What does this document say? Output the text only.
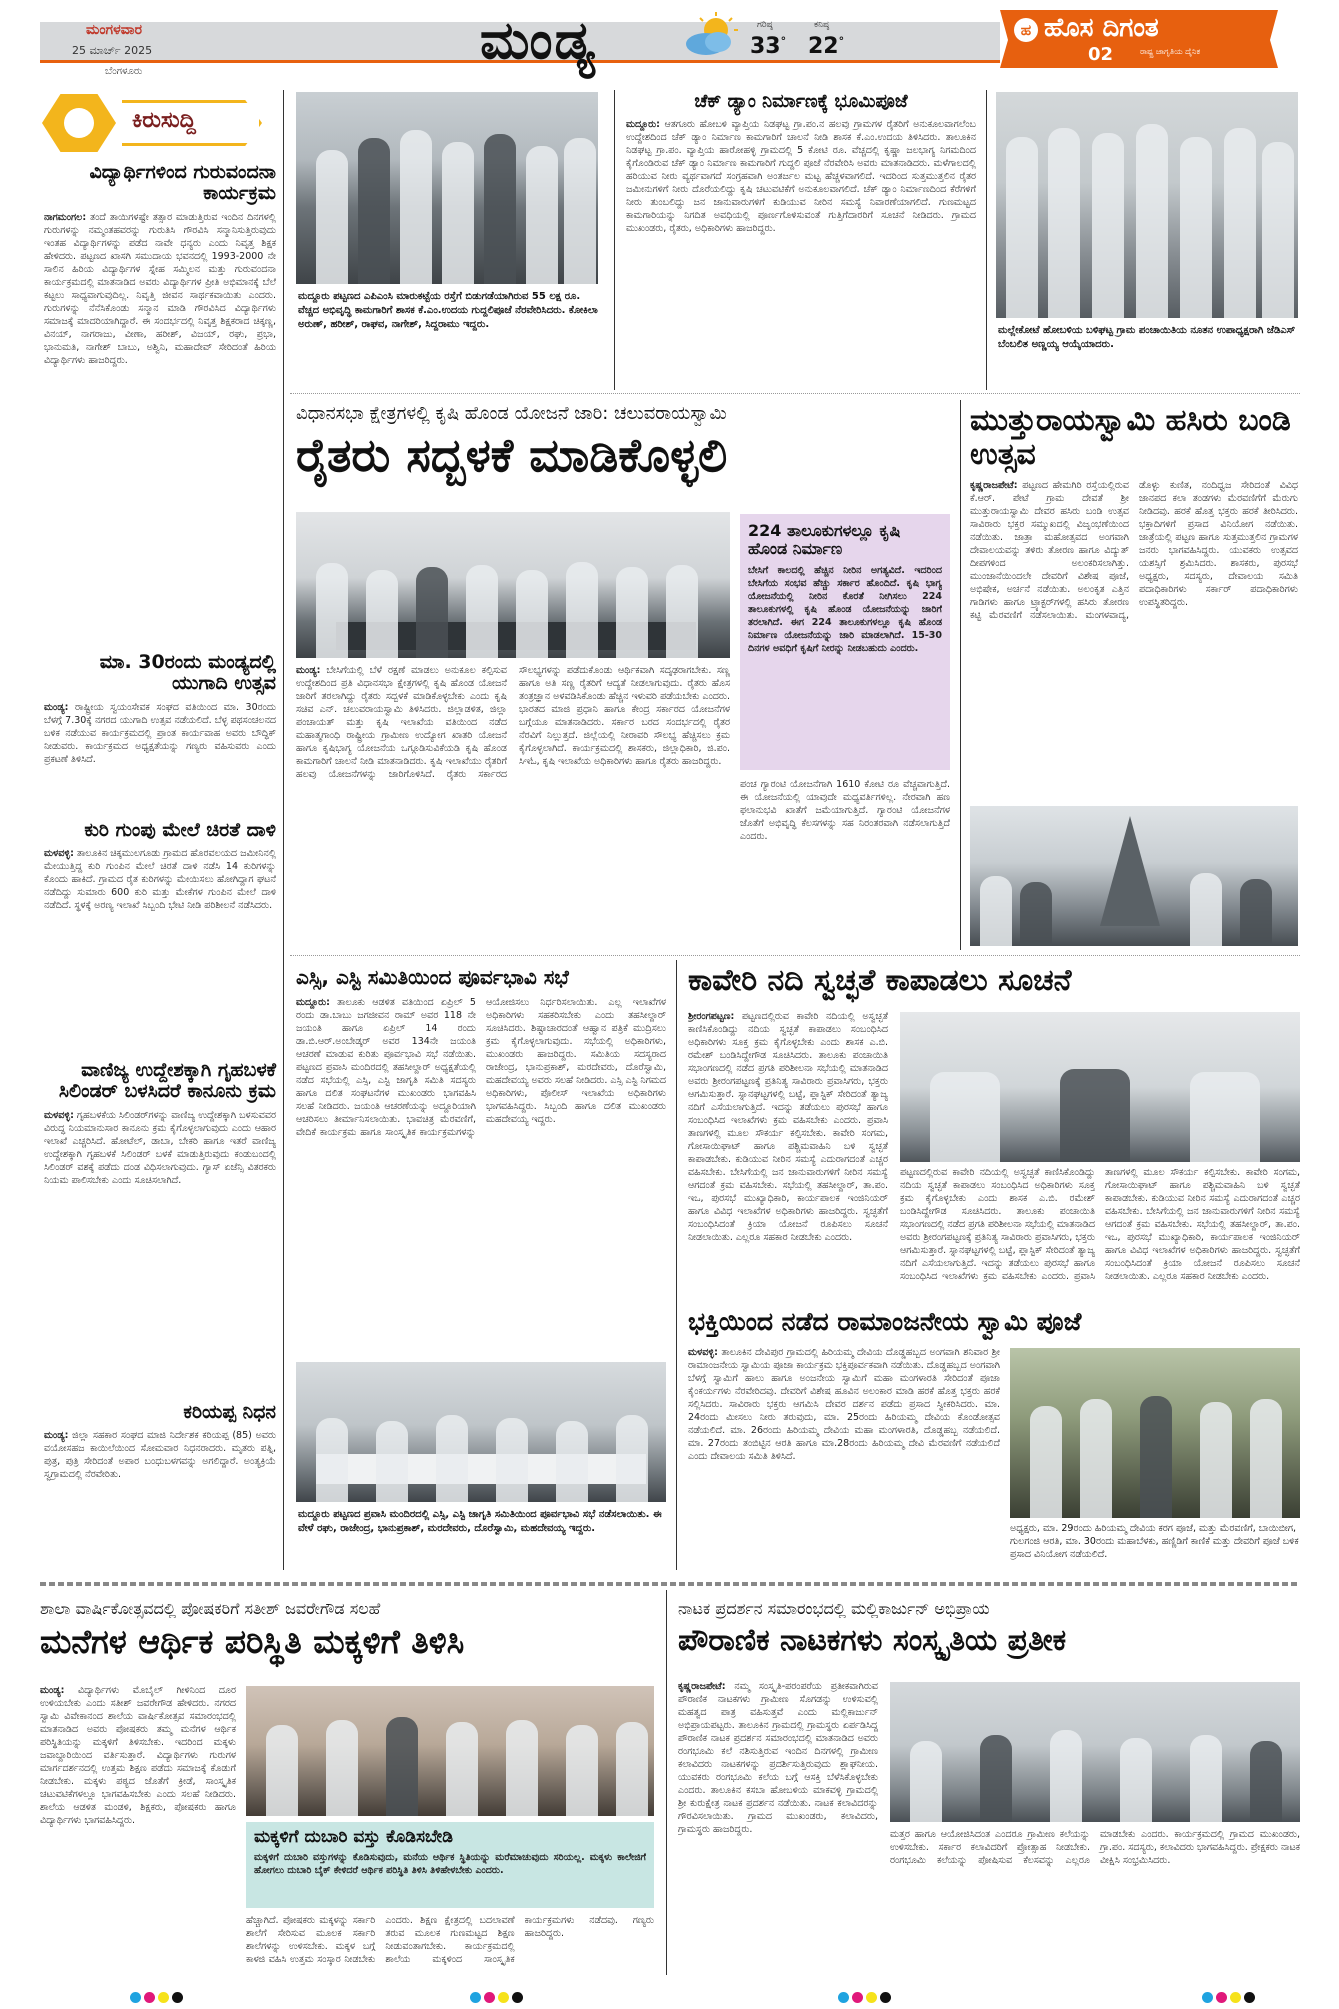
ಮಂಗಳವಾರ
25 ಮಾರ್ಚ್ 2025
ಬೆಂಗಳೂರು
ಮಂಡ್ಯ	ಗರಿಷ್ಠ
33°
ಕನಿಷ್ಠ
22°
ಹ ಹೊಸ ದಿಗಂತ
ರಾಷ್ಟ್ರ ಜಾಗೃತಿಯ ದೈನಿಕ
02
ಕಿರುಸುದ್ದಿ
ವಿದ್ಯಾರ್ಥಿಗಳಿಂದ ಗುರುವಂದನಾ ಕಾರ್ಯಕ್ರಮ
ನಾಗಮಂಗಲ: ತಂದೆ ತಾಯಿಗಳಷ್ಟೇ ತತ್ಸಾರ ಮಾಡುತ್ತಿರುವ ಇಂದಿನ ದಿನಗಳಲ್ಲಿ ಗುರುಗಳನ್ನು ನಮ್ಮಂತಹವರನ್ನು ಗುರುತಿಸಿ ಗೌರವಿಸಿ ಸನ್ಮಾನಿಸುತ್ತಿರುವುದು ಇಂತಹ ವಿದ್ಯಾರ್ಥಿಗಳನ್ನು ಪಡೆದ ನಾವೇ ಧನ್ಯರು ಎಂದು ನಿವೃತ್ತ ಶಿಕ್ಷಕ ಹೇಳಿದರು. ಪಟ್ಟಣದ ಖಾಸಗಿ ಸಮುದಾಯ ಭವನದಲ್ಲಿ 1993-2000 ನೇ ಸಾಲಿನ ಹಿರಿಯ ವಿದ್ಯಾರ್ಥಿಗಳ ಸ್ನೇಹ ಸಮ್ಮಿಲನ ಮತ್ತು ಗುರುವಂದನಾ ಕಾರ್ಯಕ್ರಮದಲ್ಲಿ ಮಾತನಾಡಿದ ಅವರು ವಿದ್ಯಾರ್ಥಿಗಳ ಪ್ರೀತಿ ಅಭಿಮಾನಕ್ಕೆ ಬೆಲೆ ಕಟ್ಟಲು ಸಾಧ್ಯವಾಗುವುದಿಲ್ಲ. ನಿವೃತ್ತಿ ಜೀವನ ಸಾರ್ಥಕವಾಯಿತು ಎಂದರು. ಗುರುಗಳನ್ನು ನೆನೆಸಿಕೊಂಡು ಸನ್ಮಾನ ಮಾಡಿ ಗೌರವಿಸಿದ ವಿದ್ಯಾರ್ಥಿಗಳು ಸಮಾಜಕ್ಕೆ ಮಾದರಿಯಾಗಿದ್ದಾರೆ. ಈ ಸಂದರ್ಭದಲ್ಲಿ ನಿವೃತ್ತ ಶಿಕ್ಷಕರಾದ ಚಿಕ್ಕಣ್ಣ, ವಿನಯ್, ನಾಗರಾಜು, ವೀಣಾ, ಹರೀಶ್, ವಿಜಯ್, ರಘು, ಪ್ರಭಾ, ಭಾನುಮತಿ, ನಾಗೇಶ್ ಬಾಬು, ಅಶ್ವಿನಿ, ಮಹಾದೇವ್ ಸೇರಿದಂತೆ ಹಿರಿಯ ವಿದ್ಯಾರ್ಥಿಗಳು ಹಾಜರಿದ್ದರು.
ಮಾ. 30ರಂದು ಮಂಡ್ಯದಲ್ಲಿ ಯುಗಾದಿ ಉತ್ಸವ
ಮಂಡ್ಯ: ರಾಷ್ಟ್ರೀಯ ಸ್ವಯಂಸೇವಕ ಸಂಘದ ವತಿಯಿಂದ ಮಾ. 30ರಂದು ಬೆಳಗ್ಗೆ 7.30ಕ್ಕೆ ನಗರದ ಯುಗಾದಿ ಉತ್ಸವ ನಡೆಯಲಿದೆ. ಬೆಳ್ಳ ಪಥಸಂಚಲನದ ಬಳಿಕ ನಡೆಯುವ ಕಾರ್ಯಕ್ರಮದಲ್ಲಿ ಪ್ರಾಂತ ಕಾರ್ಯವಾಹ ಅವರು ಬೌದ್ಧಿಕ್ ನೀಡುವರು. ಕಾರ್ಯಕ್ರಮದ ಅಧ್ಯಕ್ಷತೆಯನ್ನು ಗಣ್ಯರು ವಹಿಸುವರು ಎಂದು ಪ್ರಕಟಣೆ ತಿಳಿಸಿದೆ.
ಕುರಿ ಗುಂಪು ಮೇಲೆ ಚಿರತೆ ದಾಳಿ
ಮಳವಳ್ಳಿ: ತಾಲೂಕಿನ ಚಿಕ್ಕಮುಲಗೂಡು ಗ್ರಾಮದ ಹೊರವಲಯದ ಜಮೀನಿನಲ್ಲಿ ಮೇಯುತ್ತಿದ್ದ ಕುರಿ ಗುಂಪಿನ ಮೇಲೆ ಚಿರತೆ ದಾಳಿ ನಡೆಸಿ 14 ಕುರಿಗಳನ್ನು ಕೊಂದು ಹಾಕಿದೆ. ಗ್ರಾಮದ ರೈತ ಕುರಿಗಳನ್ನು ಮೇಯಿಸಲು ಹೋಗಿದ್ದಾಗ ಘಟನೆ ನಡೆದಿದ್ದು ಸುಮಾರು 600 ಕುರಿ ಮತ್ತು ಮೇಕೆಗಳ ಗುಂಪಿನ ಮೇಲೆ ದಾಳಿ ನಡೆದಿದೆ. ಸ್ಥಳಕ್ಕೆ ಅರಣ್ಯ ಇಲಾಖೆ ಸಿಬ್ಬಂದಿ ಭೇಟಿ ನೀಡಿ ಪರಿಶೀಲನೆ ನಡೆಸಿದರು.
ವಾಣಿಜ್ಯ ಉದ್ದೇಶಕ್ಕಾಗಿ ಗೃಹಬಳಕೆ ಸಿಲಿಂಡರ್ ಬಳಸಿದರೆ ಕಾನೂನು ಕ್ರಮ
ಮಳವಳ್ಳಿ: ಗೃಹಬಳಕೆಯ ಸಿಲಿಂಡರ್‌ಗಳನ್ನು ವಾಣಿಜ್ಯ ಉದ್ದೇಶಕ್ಕಾಗಿ ಬಳಸುವವರ ವಿರುದ್ಧ ನಿಯಮಾನುಸಾರ ಕಾನೂನು ಕ್ರಮ ಕೈಗೊಳ್ಳಲಾಗುವುದು ಎಂದು ಆಹಾರ ಇಲಾಖೆ ಎಚ್ಚರಿಸಿದೆ. ಹೋಟೆಲ್, ಡಾಬಾ, ಬೇಕರಿ ಹಾಗೂ ಇತರೆ ವಾಣಿಜ್ಯ ಉದ್ದೇಶಕ್ಕಾಗಿ ಗೃಹಬಳಕೆ ಸಿಲಿಂಡರ್ ಬಳಕೆ ಮಾಡುತ್ತಿರುವುದು ಕಂಡುಬಂದಲ್ಲಿ ಸಿಲಿಂಡರ್ ವಶಕ್ಕೆ ಪಡೆದು ದಂಡ ವಿಧಿಸಲಾಗುವುದು. ಗ್ಯಾಸ್ ಏಜೆನ್ಸಿ ವಿತರಕರು ನಿಯಮ ಪಾಲಿಸಬೇಕು ಎಂದು ಸೂಚಿಸಲಾಗಿದೆ.
ಕರಿಯಪ್ಪ ನಿಧನ
ಮಂಡ್ಯ: ಜಿಲ್ಲಾ ಸಹಕಾರ ಸಂಘದ ಮಾಜಿ ನಿರ್ದೇಶಕ ಕರಿಯಪ್ಪ (85) ಅವರು ವಯೋಸಹಜ ಕಾಯಿಲೆಯಿಂದ ಸೋಮವಾರ ನಿಧನರಾದರು. ಮೃತರು ಪತ್ನಿ, ಪುತ್ರ, ಪುತ್ರಿ ಸೇರಿದಂತೆ ಅಪಾರ ಬಂಧುಬಳಗವನ್ನು ಅಗಲಿದ್ದಾರೆ. ಅಂತ್ಯಕ್ರಿಯೆ ಸ್ವಗ್ರಾಮದಲ್ಲಿ ನೆರವೇರಿತು.
ಮದ್ದೂರು ಪಟ್ಟಣದ ಎಪಿಎಂಸಿ ಮಾರುಕಟ್ಟೆಯ ರಸ್ತೆಗೆ ಬಿಡುಗಡೆಯಾಗಿರುವ 55 ಲಕ್ಷ ರೂ. ವೆಚ್ಚದ ಅಭಿವೃದ್ಧಿ ಕಾಮಗಾರಿಗೆ ಶಾಸಕ ಕೆ.ಎಂ.ಉದಯ ಗುದ್ದಲಿಪೂಜೆ ನೆರವೇರಿಸಿದರು. ಕೋಕಿಲಾ ಅರುಣ್, ಹರೀಶ್, ರಾಘವ, ನಾಗೇಶ್, ಸಿದ್ದರಾಮು ಇದ್ದರು.
ಚೆಕ್ ಡ್ಯಾಂ ನಿರ್ಮಾಣಕ್ಕೆ ಭೂಮಿಪೂಜೆ
ಮದ್ದೂರು: ಆತಗೂರು ಹೋಬಳಿ ವ್ಯಾಪ್ತಿಯ ನಿಡಘಟ್ಟ ಗ್ರಾ.ಪಂ.ನ ಹಲವು ಗ್ರಾಮಗಳ ರೈತರಿಗೆ ಅನುಕೂಲವಾಗಲೆಂಬ ಉದ್ದೇಶದಿಂದ ಚೆಕ್ ಡ್ಯಾಂ ನಿರ್ಮಾಣ ಕಾಮಗಾರಿಗೆ ಚಾಲನೆ ನೀಡಿ ಶಾಸಕ ಕೆ.ಎಂ.ಉದಯ ತಿಳಿಸಿದರು. ತಾಲೂಕಿನ ನಿಡಘಟ್ಟ ಗ್ರಾ.ಪಂ. ವ್ಯಾಪ್ತಿಯ ಹಾರೋಹಳ್ಳಿ ಗ್ರಾಮದಲ್ಲಿ 5 ಕೋಟಿ ರೂ. ವೆಚ್ಚದಲ್ಲಿ ಕೃಷ್ಣಾ ಜಲಭಾಗ್ಯ ನಿಗಮದಿಂದ ಕೈಗೊಂಡಿರುವ ಚೆಕ್ ಡ್ಯಾಂ ನಿರ್ಮಾಣ ಕಾಮಗಾರಿಗೆ ಗುದ್ದಲಿ ಪೂಜೆ ನೆರವೇರಿಸಿ ಅವರು ಮಾತನಾಡಿದರು. ಮಳೆಗಾಲದಲ್ಲಿ ಹರಿಯುವ ನೀರು ವ್ಯರ್ಥವಾಗದೆ ಸಂಗ್ರಹವಾಗಿ ಅಂತರ್ಜಲ ಮಟ್ಟ ಹೆಚ್ಚಳವಾಗಲಿದೆ. ಇದರಿಂದ ಸುತ್ತಮುತ್ತಲಿನ ರೈತರ ಜಮೀನುಗಳಿಗೆ ನೀರು ದೊರೆಯಲಿದ್ದು ಕೃಷಿ ಚಟುವಟಿಕೆಗೆ ಅನುಕೂಲವಾಗಲಿದೆ. ಚೆಕ್ ಡ್ಯಾಂ ನಿರ್ಮಾಣದಿಂದ ಕೆರೆಗಳಿಗೆ ನೀರು ತುಂಬಲಿದ್ದು ಜನ ಜಾನುವಾರುಗಳಿಗೆ ಕುಡಿಯುವ ನೀರಿನ ಸಮಸ್ಯೆ ನಿವಾರಣೆಯಾಗಲಿದೆ. ಗುಣಮಟ್ಟದ ಕಾಮಗಾರಿಯನ್ನು ನಿಗದಿತ ಅವಧಿಯಲ್ಲಿ ಪೂರ್ಣಗೊಳಿಸುವಂತೆ ಗುತ್ತಿಗೆದಾರರಿಗೆ ಸೂಚನೆ ನೀಡಿದರು. ಗ್ರಾಮದ ಮುಖಂಡರು, ರೈತರು, ಅಧಿಕಾರಿಗಳು ಹಾಜರಿದ್ದರು.
ಮಲ್ಲೇಕೋಟೆ ಹೋಬಳಿಯ ಬಳಿಘಟ್ಟ ಗ್ರಾಮ ಪಂಚಾಯಿತಿಯ ನೂತನ ಉಪಾಧ್ಯಕ್ಷರಾಗಿ ಜೆಡಿಎಸ್ ಬೆಂಬಲಿತ ಅಣ್ಣಯ್ಯ ಆಯ್ಕೆಯಾದರು.
ವಿಧಾನಸಭಾ ಕ್ಷೇತ್ರಗಳಲ್ಲಿ ಕೃಷಿ ಹೊಂಡ ಯೋಜನೆ ಜಾರಿ: ಚಲುವರಾಯಸ್ವಾಮಿ
ರೈತರು ಸದ್ಬಳಕೆ ಮಾಡಿಕೊಳ್ಳಲಿ
224 ತಾಲೂಕುಗಳಲ್ಲೂ ಕೃಷಿ ಹೊಂಡ ನಿರ್ಮಾಣ
ಬೇಸಿಗೆ ಕಾಲದಲ್ಲಿ ಹೆಚ್ಚಿನ ನೀರಿನ ಅಗತ್ಯವಿದೆ. ಇದರಿಂದ ಬೇಸಿಗೆಯ ಸಂಭವ ಹೆಚ್ಚು ಸರ್ಕಾರ ಹೊಂದಿದೆ. ಕೃಷಿ ಭಾಗ್ಯ ಯೋಜನೆಯಲ್ಲಿ ನೀರಿನ ಕೊರತೆ ನೀಗಿಸಲು 224 ತಾಲೂಕುಗಳಲ್ಲಿ ಕೃಷಿ ಹೊಂಡ ಯೋಜನೆಯನ್ನು ಜಾರಿಗೆ ತರಲಾಗಿದೆ. ಈಗ 224 ತಾಲೂಕುಗಳಲ್ಲೂ ಕೃಷಿ ಹೊಂಡ ನಿರ್ಮಾಣ ಯೋಜನೆಯನ್ನು ಜಾರಿ ಮಾಡಲಾಗಿದೆ. 15-30 ದಿನಗಳ ಅವಧಿಗೆ ಕೃಷಿಗೆ ನೀರನ್ನು ನೀಡಬಹುದು ಎಂದರು.
ಮಂಡ್ಯ: ಬೇಸಿಗೆಯಲ್ಲಿ ಬೆಳೆ ರಕ್ಷಣೆ ಮಾಡಲು ಅನುಕೂಲ ಕಲ್ಪಿಸುವ ಉದ್ದೇಶದಿಂದ ಪ್ರತಿ ವಿಧಾನಸಭಾ ಕ್ಷೇತ್ರಗಳಲ್ಲಿ ಕೃಷಿ ಹೊಂಡ ಯೋಜನೆ ಜಾರಿಗೆ ತರಲಾಗಿದ್ದು ರೈತರು ಸದ್ಬಳಕೆ ಮಾಡಿಕೊಳ್ಳಬೇಕು ಎಂದು ಕೃಷಿ ಸಚಿವ ಎನ್. ಚಲುವರಾಯಸ್ವಾಮಿ ತಿಳಿಸಿದರು. ಜಿಲ್ಲಾಡಳಿತ, ಜಿಲ್ಲಾ ಪಂಚಾಯತ್ ಮತ್ತು ಕೃಷಿ ಇಲಾಖೆಯ ವತಿಯಿಂದ ನಡೆದ ಮಹಾತ್ಮಗಾಂಧಿ ರಾಷ್ಟ್ರೀಯ ಗ್ರಾಮೀಣ ಉದ್ಯೋಗ ಖಾತರಿ ಯೋಜನೆ ಹಾಗೂ ಕೃಷಿಭಾಗ್ಯ ಯೋಜನೆಯ ಒಗ್ಗೂಡಿಸುವಿಕೆಯಡಿ ಕೃಷಿ ಹೊಂಡ ಕಾಮಗಾರಿಗೆ ಚಾಲನೆ ನೀಡಿ ಮಾತನಾಡಿದರು. ಕೃಷಿ ಇಲಾಖೆಯು ರೈತರಿಗೆ ಹಲವು ಯೋಜನೆಗಳನ್ನು ಜಾರಿಗೊಳಿಸಿದೆ. ರೈತರು ಸರ್ಕಾರದ ಸೌಲಭ್ಯಗಳನ್ನು ಪಡೆದುಕೊಂಡು ಆರ್ಥಿಕವಾಗಿ ಸದೃಢರಾಗಬೇಕು. ಸಣ್ಣ ಹಾಗೂ ಅತಿ ಸಣ್ಣ ರೈತರಿಗೆ ಆದ್ಯತೆ ನೀಡಲಾಗುವುದು. ರೈತರು ಹೊಸ ತಂತ್ರಜ್ಞಾನ ಅಳವಡಿಸಿಕೊಂಡು ಹೆಚ್ಚಿನ ಇಳುವರಿ ಪಡೆಯಬೇಕು ಎಂದರು. ಭಾರತದ ಮಾಜಿ ಪ್ರಧಾನಿ ಹಾಗೂ ಕೇಂದ್ರ ಸರ್ಕಾರದ ಯೋಜನೆಗಳ ಬಗ್ಗೆಯೂ ಮಾತನಾಡಿದರು. ಸರ್ಕಾರ ಬರದ ಸಂದರ್ಭದಲ್ಲಿ ರೈತರ ನೆರವಿಗೆ ನಿಲ್ಲುತ್ತದೆ. ಜಿಲ್ಲೆಯಲ್ಲಿ ನೀರಾವರಿ ಸೌಲಭ್ಯ ಹೆಚ್ಚಿಸಲು ಕ್ರಮ ಕೈಗೊಳ್ಳಲಾಗಿದೆ. ಕಾರ್ಯಕ್ರಮದಲ್ಲಿ ಶಾಸಕರು, ಜಿಲ್ಲಾಧಿಕಾರಿ, ಜಿ.ಪಂ. ಸಿಇಓ, ಕೃಷಿ ಇಲಾಖೆಯ ಅಧಿಕಾರಿಗಳು ಹಾಗೂ ರೈತರು ಹಾಜರಿದ್ದರು.
ಪಂಚ ಗ್ಯಾರಂಟಿ ಯೋಜನೆಗಾಗಿ 1610 ಕೋಟಿ ರೂ ವೆಚ್ಚವಾಗುತ್ತಿದೆ. ಈ ಯೋಜನೆಯಲ್ಲಿ ಯಾವುದೇ ಮಧ್ಯವರ್ತಿಗಳಿಲ್ಲ. ನೇರವಾಗಿ ಹಣ ಫಲಾನುಭವಿ ಖಾತೆಗೆ ಜಮೆಯಾಗುತ್ತಿದೆ. ಗ್ಯಾರಂಟಿ ಯೋಜನೆಗಳ ಜೊತೆಗೆ ಅಭಿವೃದ್ಧಿ ಕೆಲಸಗಳನ್ನು ಸಹ ನಿರಂತರವಾಗಿ ನಡೆಸಲಾಗುತ್ತಿದೆ ಎಂದರು.
ಮುತ್ತುರಾಯಸ್ವಾಮಿ ಹಸಿರು ಬಂಡಿ ಉತ್ಸವ
ಕೃಷ್ಣರಾಜಪೇಟೆ: ಪಟ್ಟಣದ ಹೇಮಗಿರಿ ರಸ್ತೆಯಲ್ಲಿರುವ ಕೆ.ಆರ್. ಪೇಟೆ ಗ್ರಾಮ ದೇವತೆ ಶ್ರೀ ಮುತ್ತುರಾಯಸ್ವಾಮಿ ದೇವರ ಹಸಿರು ಬಂಡಿ ಉತ್ಸವ ಸಾವಿರಾರು ಭಕ್ತರ ಸಮ್ಮುಖದಲ್ಲಿ ವಿಜೃಂಭಣೆಯಿಂದ ನಡೆಯಿತು. ಜಾತ್ರಾ ಮಹೋತ್ಸವದ ಅಂಗವಾಗಿ ದೇವಾಲಯವನ್ನು ತಳಿರು ತೋರಣ ಹಾಗೂ ವಿದ್ಯುತ್ ದೀಪಗಳಿಂದ ಅಲಂಕರಿಸಲಾಗಿತ್ತು. ಮುಂಜಾನೆಯಿಂದಲೇ ದೇವರಿಗೆ ವಿಶೇಷ ಪೂಜೆ, ಅಭಿಷೇಕ, ಅರ್ಚನೆ ನಡೆಯಿತು. ಅಲಂಕೃತ ಎತ್ತಿನ ಗಾಡಿಗಳು ಹಾಗೂ ಟ್ರ್ಯಾಕ್ಟರ್‌ಗಳಲ್ಲಿ ಹಸಿರು ತೋರಣ ಕಟ್ಟಿ ಮೆರವಣಿಗೆ ನಡೆಸಲಾಯಿತು. ಮಂಗಳವಾದ್ಯ, ಡೊಳ್ಳು ಕುಣಿತ, ನಂದಿಧ್ವಜ ಸೇರಿದಂತೆ ವಿವಿಧ ಜಾನಪದ ಕಲಾ ತಂಡಗಳು ಮೆರವಣಿಗೆಗೆ ಮೆರುಗು ನೀಡಿದವು. ಹರಕೆ ಹೊತ್ತ ಭಕ್ತರು ಹರಕೆ ತೀರಿಸಿದರು. ಭಕ್ತಾದಿಗಳಿಗೆ ಪ್ರಸಾದ ವಿನಿಯೋಗ ನಡೆಯಿತು. ಜಾತ್ರೆಯಲ್ಲಿ ಪಟ್ಟಣ ಹಾಗೂ ಸುತ್ತಮುತ್ತಲಿನ ಗ್ರಾಮಗಳ ಜನರು ಭಾಗವಹಿಸಿದ್ದರು. ಯುವಕರು ಉತ್ಸವದ ಯಶಸ್ಸಿಗೆ ಶ್ರಮಿಸಿದರು. ಶಾಸಕರು, ಪುರಸಭೆ ಅಧ್ಯಕ್ಷರು, ಸದಸ್ಯರು, ದೇವಾಲಯ ಸಮಿತಿ ಪದಾಧಿಕಾರಿಗಳು ಸರ್ಕಾರ್ ಪದಾಧಿಕಾರಿಗಳು ಉಪಸ್ಥಿತರಿದ್ದರು.
ಎಸ್ಸಿ, ಎಸ್ಟಿ ಸಮಿತಿಯಿಂದ ಪೂರ್ವಭಾವಿ ಸಭೆ
ಮದ್ದೂರು: ತಾಲೂಕು ಆಡಳಿತ ವತಿಯಿಂದ ಏಪ್ರಿಲ್ 5 ರಂದು ಡಾ.ಬಾಬು ಜಗಜೀವನ ರಾಮ್ ಅವರ 118 ನೇ ಜಯಂತಿ ಹಾಗೂ ಏಪ್ರಿಲ್ 14 ರಂದು ಡಾ.ಬಿ.ಆರ್.ಅಂಬೇಡ್ಕರ್ ಅವರ 134ನೇ ಜಯಂತಿ ಆಚರಣೆ ಮಾಡುವ ಕುರಿತು ಪೂರ್ವಭಾವಿ ಸಭೆ ನಡೆಯಿತು. ಪಟ್ಟಣದ ಪ್ರವಾಸಿ ಮಂದಿರದಲ್ಲಿ ತಹಸೀಲ್ದಾರ್ ಅಧ್ಯಕ್ಷತೆಯಲ್ಲಿ ನಡೆದ ಸಭೆಯಲ್ಲಿ ಎಸ್ಸಿ, ಎಸ್ಟಿ ಜಾಗೃತಿ ಸಮಿತಿ ಸದಸ್ಯರು ಹಾಗೂ ದಲಿತ ಸಂಘಟನೆಗಳ ಮುಖಂಡರು ಭಾಗವಹಿಸಿ ಸಲಹೆ ನೀಡಿದರು. ಜಯಂತಿ ಆಚರಣೆಯನ್ನು ಅದ್ದೂರಿಯಾಗಿ ಆಚರಿಸಲು ತೀರ್ಮಾನಿಸಲಾಯಿತು. ಭಾವಚಿತ್ರ ಮೆರವಣಿಗೆ, ವೇದಿಕೆ ಕಾರ್ಯಕ್ರಮ ಹಾಗೂ ಸಾಂಸ್ಕೃತಿಕ ಕಾರ್ಯಕ್ರಮಗಳನ್ನು ಆಯೋಜಿಸಲು ನಿರ್ಧರಿಸಲಾಯಿತು. ಎಲ್ಲ ಇಲಾಖೆಗಳ ಅಧಿಕಾರಿಗಳು ಸಹಕರಿಸಬೇಕು ಎಂದು ತಹಸೀಲ್ದಾರ್ ಸೂಚಿಸಿದರು. ಶಿಷ್ಟಾಚಾರದಂತೆ ಆಹ್ವಾನ ಪತ್ರಿಕೆ ಮುದ್ರಿಸಲು ಕ್ರಮ ಕೈಗೊಳ್ಳಲಾಗುವುದು. ಸಭೆಯಲ್ಲಿ ಅಧಿಕಾರಿಗಳು, ಮುಖಂಡರು ಹಾಜರಿದ್ದರು. ಸಮಿತಿಯ ಸದಸ್ಯರಾದ ರಾಜೇಂದ್ರ, ಭಾನುಪ್ರಕಾಶ್, ಮರದೇವರು, ದೊರೆಸ್ವಾಮಿ, ಮಹದೇವಯ್ಯ ಅವರು ಸಲಹೆ ನೀಡಿದರು. ಎಸ್ಸಿ ಎಸ್ಟಿ ನಿಗಮದ ಅಧಿಕಾರಿಗಳು, ಪೊಲೀಸ್ ಇಲಾಖೆಯ ಅಧಿಕಾರಿಗಳು ಭಾಗವಹಿಸಿದ್ದರು. ಸಿಬ್ಬಂದಿ ಹಾಗೂ ದಲಿತ ಮುಖಂಡರು ಮಹದೇವಯ್ಯ ಇದ್ದರು.
ಮದ್ದೂರು ಪಟ್ಟಣದ ಪ್ರವಾಸಿ ಮಂದಿರದಲ್ಲಿ ಎಸ್ಸಿ, ಎಸ್ಟಿ ಜಾಗೃತಿ ಸಮಿತಿಯಿಂದ ಪೂರ್ವಭಾವಿ ಸಭೆ ನಡೆಸಲಾಯಿತು. ಈ ವೇಳೆ ರಘು, ರಾಜೇಂದ್ರ, ಭಾನುಪ್ರಕಾಶ್, ಮರದೇವರು, ದೊರೆಸ್ವಾಮಿ, ಮಹದೇವಯ್ಯ ಇದ್ದರು.
ಕಾವೇರಿ ನದಿ ಸ್ವಚ್ಛತೆ ಕಾಪಾಡಲು ಸೂಚನೆ
ಶ್ರೀರಂಗಪಟ್ಟಣ: ಪಟ್ಟಣದಲ್ಲಿರುವ ಕಾವೇರಿ ನದಿಯಲ್ಲಿ ಅಸ್ವಚ್ಛತೆ ಕಾಣಿಸಿಕೊಂಡಿದ್ದು ನದಿಯ ಸ್ವಚ್ಛತೆ ಕಾಪಾಡಲು ಸಂಬಂಧಿಸಿದ ಅಧಿಕಾರಿಗಳು ಸೂಕ್ತ ಕ್ರಮ ಕೈಗೊಳ್ಳಬೇಕು ಎಂದು ಶಾಸಕ ಎ.ಬಿ. ರಮೇಶ್ ಬಂಡಿಸಿದ್ದೇಗೌಡ ಸೂಚಿಸಿದರು. ತಾಲೂಕು ಪಂಚಾಯಿತಿ ಸಭಾಂಗಣದಲ್ಲಿ ನಡೆದ ಪ್ರಗತಿ ಪರಿಶೀಲನಾ ಸಭೆಯಲ್ಲಿ ಮಾತನಾಡಿದ ಅವರು ಶ್ರೀರಂಗಪಟ್ಟಣಕ್ಕೆ ಪ್ರತಿನಿತ್ಯ ಸಾವಿರಾರು ಪ್ರವಾಸಿಗರು, ಭಕ್ತರು ಆಗಮಿಸುತ್ತಾರೆ. ಸ್ನಾನಘಟ್ಟಗಳಲ್ಲಿ ಬಟ್ಟೆ, ಪ್ಲಾಸ್ಟಿಕ್ ಸೇರಿದಂತೆ ತ್ಯಾಜ್ಯ ನದಿಗೆ ಎಸೆಯಲಾಗುತ್ತಿದೆ. ಇದನ್ನು ತಡೆಯಲು ಪುರಸಭೆ ಹಾಗೂ ಸಂಬಂಧಿಸಿದ ಇಲಾಖೆಗಳು ಕ್ರಮ ವಹಿಸಬೇಕು ಎಂದರು. ಪ್ರವಾಸಿ ತಾಣಗಳಲ್ಲಿ ಮೂಲ ಸೌಕರ್ಯ ಕಲ್ಪಿಸಬೇಕು. ಕಾವೇರಿ ಸಂಗಮ, ಗೋಸಾಯಿಘಾಟ್ ಹಾಗೂ ಪಶ್ಚಿಮವಾಹಿನಿ ಬಳಿ ಸ್ವಚ್ಛತೆ ಕಾಪಾಡಬೇಕು. ಕುಡಿಯುವ ನೀರಿನ ಸಮಸ್ಯೆ ಎದುರಾಗದಂತೆ ಎಚ್ಚರ ವಹಿಸಬೇಕು. ಬೇಸಿಗೆಯಲ್ಲಿ ಜನ ಜಾನುವಾರುಗಳಿಗೆ ನೀರಿನ ಸಮಸ್ಯೆ ಆಗದಂತೆ ಕ್ರಮ ವಹಿಸಬೇಕು. ಸಭೆಯಲ್ಲಿ ತಹಸೀಲ್ದಾರ್, ತಾ.ಪಂ. ಇಒ, ಪುರಸಭೆ ಮುಖ್ಯಾಧಿಕಾರಿ, ಕಾರ್ಯಪಾಲಕ ಇಂಜಿನಿಯರ್ ಹಾಗೂ ವಿವಿಧ ಇಲಾಖೆಗಳ ಅಧಿಕಾರಿಗಳು ಹಾಜರಿದ್ದರು. ಸ್ವಚ್ಛತೆಗೆ ಸಂಬಂಧಿಸಿದಂತೆ ಕ್ರಿಯಾ ಯೋಜನೆ ರೂಪಿಸಲು ಸೂಚನೆ ನೀಡಲಾಯಿತು. ಎಲ್ಲರೂ ಸಹಕಾರ ನೀಡಬೇಕು ಎಂದರು.
ಪಟ್ಟಣದಲ್ಲಿರುವ ಕಾವೇರಿ ನದಿಯಲ್ಲಿ ಅಸ್ವಚ್ಛತೆ ಕಾಣಿಸಿಕೊಂಡಿದ್ದು ನದಿಯ ಸ್ವಚ್ಛತೆ ಕಾಪಾಡಲು ಸಂಬಂಧಿಸಿದ ಅಧಿಕಾರಿಗಳು ಸೂಕ್ತ ಕ್ರಮ ಕೈಗೊಳ್ಳಬೇಕು ಎಂದು ಶಾಸಕ ಎ.ಬಿ. ರಮೇಶ್ ಬಂಡಿಸಿದ್ದೇಗೌಡ ಸೂಚಿಸಿದರು. ತಾಲೂಕು ಪಂಚಾಯಿತಿ ಸಭಾಂಗಣದಲ್ಲಿ ನಡೆದ ಪ್ರಗತಿ ಪರಿಶೀಲನಾ ಸಭೆಯಲ್ಲಿ ಮಾತನಾಡಿದ ಅವರು ಶ್ರೀರಂಗಪಟ್ಟಣಕ್ಕೆ ಪ್ರತಿನಿತ್ಯ ಸಾವಿರಾರು ಪ್ರವಾಸಿಗರು, ಭಕ್ತರು ಆಗಮಿಸುತ್ತಾರೆ. ಸ್ನಾನಘಟ್ಟಗಳಲ್ಲಿ ಬಟ್ಟೆ, ಪ್ಲಾಸ್ಟಿಕ್ ಸೇರಿದಂತೆ ತ್ಯಾಜ್ಯ ನದಿಗೆ ಎಸೆಯಲಾಗುತ್ತಿದೆ. ಇದನ್ನು ತಡೆಯಲು ಪುರಸಭೆ ಹಾಗೂ ಸಂಬಂಧಿಸಿದ ಇಲಾಖೆಗಳು ಕ್ರಮ ವಹಿಸಬೇಕು ಎಂದರು. ಪ್ರವಾಸಿ ತಾಣಗಳಲ್ಲಿ ಮೂಲ ಸೌಕರ್ಯ ಕಲ್ಪಿಸಬೇಕು. ಕಾವೇರಿ ಸಂಗಮ, ಗೋಸಾಯಿಘಾಟ್ ಹಾಗೂ ಪಶ್ಚಿಮವಾಹಿನಿ ಬಳಿ ಸ್ವಚ್ಛತೆ ಕಾಪಾಡಬೇಕು. ಕುಡಿಯುವ ನೀರಿನ ಸಮಸ್ಯೆ ಎದುರಾಗದಂತೆ ಎಚ್ಚರ ವಹಿಸಬೇಕು. ಬೇಸಿಗೆಯಲ್ಲಿ ಜನ ಜಾನುವಾರುಗಳಿಗೆ ನೀರಿನ ಸಮಸ್ಯೆ ಆಗದಂತೆ ಕ್ರಮ ವಹಿಸಬೇಕು. ಸಭೆಯಲ್ಲಿ ತಹಸೀಲ್ದಾರ್, ತಾ.ಪಂ. ಇಒ, ಪುರಸಭೆ ಮುಖ್ಯಾಧಿಕಾರಿ, ಕಾರ್ಯಪಾಲಕ ಇಂಜಿನಿಯರ್ ಹಾಗೂ ವಿವಿಧ ಇಲಾಖೆಗಳ ಅಧಿಕಾರಿಗಳು ಹಾಜರಿದ್ದರು. ಸ್ವಚ್ಛತೆಗೆ ಸಂಬಂಧಿಸಿದಂತೆ ಕ್ರಿಯಾ ಯೋಜನೆ ರೂಪಿಸಲು ಸೂಚನೆ ನೀಡಲಾಯಿತು. ಎಲ್ಲರೂ ಸಹಕಾರ ನೀಡಬೇಕು ಎಂದರು.
ಭಕ್ತಿಯಿಂದ ನಡೆದ ರಾಮಾಂಜನೇಯ ಸ್ವಾಮಿ ಪೂಜೆ
ಮಳವಳ್ಳಿ: ತಾಲೂಕಿನ ದೇವಿಪುರ ಗ್ರಾಮದಲ್ಲಿ ಹಿರಿಯಮ್ಮ ದೇವಿಯ ದೊಡ್ಡಹಬ್ಬದ ಅಂಗವಾಗಿ ಶನಿವಾರ ಶ್ರೀ ರಾಮಾಂಜನೇಯ ಸ್ವಾಮಿಯ ಪೂಜಾ ಕಾರ್ಯಕ್ರಮ ಭಕ್ತಿಪೂರ್ವಕವಾಗಿ ನಡೆಯಿತು. ದೊಡ್ಡಹಬ್ಬದ ಅಂಗವಾಗಿ ಬೆಳಗ್ಗೆ ಸ್ವಾಮಿಗೆ ಹಾಲು ಹಾಗೂ ಅಂಜನೇಯ ಸ್ವಾಮಿಗೆ ಮಹಾ ಮಂಗಳಾರತಿ ಸೇರಿದಂತೆ ಪೂಜಾ ಕೈಂಕರ್ಯಗಳು ನೆರವೇರಿದವು. ದೇವರಿಗೆ ವಿಶೇಷ ಹೂವಿನ ಅಲಂಕಾರ ಮಾಡಿ ಹರಕೆ ಹೊತ್ತ ಭಕ್ತರು ಹರಕೆ ಸಲ್ಲಿಸಿದರು. ಸಾವಿರಾರು ಭಕ್ತರು ಆಗಮಿಸಿ ದೇವರ ದರ್ಶನ ಪಡೆದು ಪ್ರಸಾದ ಸ್ವೀಕರಿಸಿದರು. ಮಾ. 24ರಂದು ಮೀಸಲು ನೀರು ತರುವುದು, ಮಾ. 25ರಂದು ಹಿರಿಯಮ್ಮ ದೇವಿಯ ಕೊಂಡೋತ್ಸವ ನಡೆಯಲಿದೆ. ಮಾ. 26ರಂದು ಹಿರಿಯಮ್ಮ ದೇವಿಯ ಮಹಾ ಮಂಗಳಾರತಿ, ದೊಡ್ಡಹಬ್ಬ ನಡೆಯಲಿದೆ. ಮಾ. 27ರಂದು ತಂಬಿಟ್ಟಿನ ಆರತಿ ಹಾಗೂ ಮಾ.28ರಂದು ಹಿರಿಯಮ್ಮ ದೇವಿ ಮೆರವಣಿಗೆ ನಡೆಯಲಿದೆ ಎಂದು ದೇವಾಲಯ ಸಮಿತಿ ತಿಳಿಸಿದೆ.
ಅಧ್ಯಕ್ಷರು, ಮಾ. 29ರಂದು ಹಿರಿಯಮ್ಮ ದೇವಿಯ ಕರಗ ಪೂಜೆ, ಮತ್ತು ಮೆರವಣಿಗೆ, ಬಾಯಿಬೀಗ, ಗುಲಗಂಜಿ ಆರತಿ, ಮಾ. 30ರಂದು ಮಹಾಬೆಳಕು, ಹಣ್ಣಿಡಿಗೆ ಕಾಣಿಕೆ ಮತ್ತು ದೇವರಿಗೆ ಪೂಜೆ ಬಳಿಕ ಪ್ರಸಾದ ವಿನಿಯೋಗ ನಡೆಯಲಿದೆ.
ಶಾಲಾ ವಾರ್ಷಿಕೋತ್ಸವದಲ್ಲಿ ಪೋಷಕರಿಗೆ ಸತೀಶ್ ಜವರೇಗೌಡ ಸಲಹೆ
ಮನೆಗಳ ಆರ್ಥಿಕ ಪರಿಸ್ಥಿತಿ ಮಕ್ಕಳಿಗೆ ತಿಳಿಸಿ
ಮಂಡ್ಯ: ವಿದ್ಯಾರ್ಥಿಗಳು ಮೊಬೈಲ್ ಗೀಳಿನಿಂದ ದೂರ ಉಳಿಯಬೇಕು ಎಂದು ಸತೀಶ್ ಜವರೇಗೌಡ ಹೇಳಿದರು. ನಗರದ ಸ್ವಾಮಿ ವಿವೇಕಾನಂದ ಶಾಲೆಯ ವಾರ್ಷಿಕೋತ್ಸವ ಸಮಾರಂಭದಲ್ಲಿ ಮಾತನಾಡಿದ ಅವರು ಪೋಷಕರು ತಮ್ಮ ಮನೆಗಳ ಆರ್ಥಿಕ ಪರಿಸ್ಥಿತಿಯನ್ನು ಮಕ್ಕಳಿಗೆ ತಿಳಿಸಬೇಕು. ಇದರಿಂದ ಮಕ್ಕಳು ಜವಾಬ್ದಾರಿಯಿಂದ ವರ್ತಿಸುತ್ತಾರೆ. ವಿದ್ಯಾರ್ಥಿಗಳು ಗುರುಗಳ ಮಾರ್ಗದರ್ಶನದಲ್ಲಿ ಉತ್ತಮ ಶಿಕ್ಷಣ ಪಡೆದು ಸಮಾಜಕ್ಕೆ ಕೊಡುಗೆ ನೀಡಬೇಕು. ಮಕ್ಕಳು ಪಠ್ಯದ ಜೊತೆಗೆ ಕ್ರೀಡೆ, ಸಾಂಸ್ಕೃತಿಕ ಚಟುವಟಿಕೆಗಳಲ್ಲೂ ಭಾಗವಹಿಸಬೇಕು ಎಂದು ಸಲಹೆ ನೀಡಿದರು. ಶಾಲೆಯ ಆಡಳಿತ ಮಂಡಳಿ, ಶಿಕ್ಷಕರು, ಪೋಷಕರು ಹಾಗೂ ವಿದ್ಯಾರ್ಥಿಗಳು ಭಾಗವಹಿಸಿದ್ದರು.
ಮಕ್ಕಳಿಗೆ ದುಬಾರಿ ವಸ್ತು ಕೊಡಿಸಬೇಡಿ
ಮಕ್ಕಳಿಗೆ ದುಬಾರಿ ವಸ್ತುಗಳನ್ನು ಕೊಡಿಸುವುದು, ಮನೆಯ ಆರ್ಥಿಕ ಸ್ಥಿತಿಯನ್ನು ಮರೆಮಾಚುವುದು ಸರಿಯಲ್ಲ. ಮಕ್ಕಳು ಕಾಲೇಜಿಗೆ ಹೋಗಲು ದುಬಾರಿ ಬೈಕ್ ಕೇಳಿದರೆ ಆರ್ಥಿಕ ಪರಿಸ್ಥಿತಿ ತಿಳಿಸಿ ತಿಳಿಹೇಳಬೇಕು ಎಂದರು.
ಹೆಚ್ಚಾಗಿದೆ. ಪೋಷಕರು ಮಕ್ಕಳನ್ನು ಸರ್ಕಾರಿ ಶಾಲೆಗೆ ಸೇರಿಸುವ ಮೂಲಕ ಸರ್ಕಾರಿ ಶಾಲೆಗಳನ್ನು ಉಳಿಸಬೇಕು. ಮಕ್ಕಳ ಬಗ್ಗೆ ಕಾಳಜಿ ವಹಿಸಿ ಉತ್ತಮ ಸಂಸ್ಕಾರ ನೀಡಬೇಕು ಎಂದರು. ಶಿಕ್ಷಣ ಕ್ಷೇತ್ರದಲ್ಲಿ ಬದಲಾವಣೆ ತರುವ ಮೂಲಕ ಗುಣಮಟ್ಟದ ಶಿಕ್ಷಣ ನೀಡುವಂತಾಗಬೇಕು. ಕಾರ್ಯಕ್ರಮದಲ್ಲಿ ಶಾಲೆಯ ಮಕ್ಕಳಿಂದ ಸಾಂಸ್ಕೃತಿಕ ಕಾರ್ಯಕ್ರಮಗಳು ನಡೆದವು. ಗಣ್ಯರು ಹಾಜರಿದ್ದರು.
ನಾಟಕ ಪ್ರದರ್ಶನ ಸಮಾರಂಭದಲ್ಲಿ ಮಲ್ಲಿಕಾರ್ಜುನ್ ಅಭಿಪ್ರಾಯ
ಪೌರಾಣಿಕ ನಾಟಕಗಳು ಸಂಸ್ಕೃತಿಯ ಪ್ರತೀಕ
ಕೃಷ್ಣರಾಜಪೇಟೆ: ನಮ್ಮ ಸಂಸ್ಕೃತಿ-ಪರಂಪರೆಯ ಪ್ರತೀಕವಾಗಿರುವ ಪೌರಾಣಿಕ ನಾಟಕಗಳು ಗ್ರಾಮೀಣ ಸೊಗಡನ್ನು ಉಳಿಸುವಲ್ಲಿ ಮಹತ್ವದ ಪಾತ್ರ ವಹಿಸುತ್ತವೆ ಎಂದು ಮಲ್ಲಿಕಾರ್ಜುನ್ ಅಭಿಪ್ರಾಯಪಟ್ಟರು. ತಾಲೂಕಿನ ಗ್ರಾಮದಲ್ಲಿ ಗ್ರಾಮಸ್ಥರು ಏರ್ಪಡಿಸಿದ್ದ ಪೌರಾಣಿಕ ನಾಟಕ ಪ್ರದರ್ಶನ ಸಮಾರಂಭದಲ್ಲಿ ಮಾತನಾಡಿದ ಅವರು ರಂಗಭೂಮಿ ಕಲೆ ನಶಿಸುತ್ತಿರುವ ಇಂದಿನ ದಿನಗಳಲ್ಲಿ ಗ್ರಾಮೀಣ ಕಲಾವಿದರು ನಾಟಕಗಳನ್ನು ಪ್ರದರ್ಶಿಸುತ್ತಿರುವುದು ಶ್ಲಾಘನೀಯ. ಯುವಕರು ರಂಗಭೂಮಿ ಕಲೆಯ ಬಗ್ಗೆ ಆಸಕ್ತಿ ಬೆಳೆಸಿಕೊಳ್ಳಬೇಕು ಎಂದರು. ತಾಲೂಕಿನ ಕಸಬಾ ಹೋಬಳಿಯ ಮಾಕವಳ್ಳಿ ಗ್ರಾಮದಲ್ಲಿ ಶ್ರೀ ಕುರುಕ್ಷೇತ್ರ ನಾಟಕ ಪ್ರದರ್ಶನ ನಡೆಯಿತು. ನಾಟಕ ಕಲಾವಿದರನ್ನು ಗೌರವಿಸಲಾಯಿತು. ಗ್ರಾಮದ ಮುಖಂಡರು, ಕಲಾವಿದರು, ಗ್ರಾಮಸ್ಥರು ಹಾಜರಿದ್ದರು.	ಮತ್ತರ ಹಾಗೂ ಆಯೋಜಿಸಿದಂತ ಎಂದರೂ ಗ್ರಾಮೀಣ ಕಲೆಯನ್ನು ಉಳಿಸಬೇಕು. ಸರ್ಕಾರ ಕಲಾವಿದರಿಗೆ ಪ್ರೋತ್ಸಾಹ ನೀಡಬೇಕು. ರಂಗಭೂಮಿ ಕಲೆಯನ್ನು ಪೋಷಿಸುವ ಕೆಲಸವನ್ನು ಎಲ್ಲರೂ ಮಾಡಬೇಕು ಎಂದರು. ಕಾರ್ಯಕ್ರಮದಲ್ಲಿ ಗ್ರಾಮದ ಮುಖಂಡರು, ಗ್ರಾ.ಪಂ. ಸದಸ್ಯರು, ಕಲಾವಿದರು ಭಾಗವಹಿಸಿದ್ದರು. ಪ್ರೇಕ್ಷಕರು ನಾಟಕ ವೀಕ್ಷಿಸಿ ಸಂಭ್ರಮಿಸಿದರು.
